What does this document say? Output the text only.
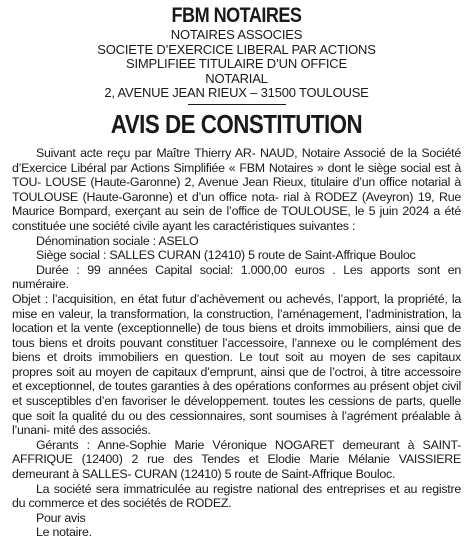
FBM NOTAIRES

NOTAIRES ASSOCIES

SOCIETE D’EXERCICE LIBERAL PAR ACTIONS

SIMPLIFIEE TITULAIRE D’UN OFFICE

NOTARIAL

2, AVENUE JEAN RIEUX – 31500 TOULOUSE

AVIS DE CONSTITUTION

Suivant acte reçu par Maître Thierry AR- NAUD, Notaire Associé de la Société d’Exercice Libéral par Actions Simplifiée « FBM Notaires » dont le siège social est à TOU- LOUSE (Haute-Garonne) 2, Avenue Jean Rieux, titulaire d’un office notarial à TOULOUSE (Haute-Garonne) et d’un office nota- rial à RODEZ (Aveyron) 19, Rue Maurice Bompard, exerçant au sein de l’office de TOULOUSE, le 5 juin 2024 a été constituée une société civile ayant les caractéristiques suivantes :

Dénomination sociale : ASELO

Siège social : SALLES CURAN (12410) 5 route de Saint-Affrique Bouloc

Durée : 99 années Capital social: 1.000,00 euros . Les apports sont en numéraire.

Objet : l’acquisition, en état futur d’achèvement ou achevés, l’apport, la propriété, la mise en valeur, la transformation, la construction, l’aménagement, l’administration, la location et la vente (exceptionnelle) de tous biens et droits immobiliers, ainsi que de tous biens et droits pouvant constituer l’accessoire, l’annexe ou le complément des biens et droits immobiliers en question. Le tout soit au moyen de ses capitaux propres soit au moyen de capitaux d’emprunt, ainsi que de l’octroi, à titre accessoire et exceptionnel, de toutes garanties à des opérations conformes au présent objet civil et susceptibles d’en favoriser le développement. toutes les cessions de parts, quelle que soit la qualité du ou des cessionnaires, sont soumises à l’agrément préalable à l’unani- mité des associés.

Gérants : Anne-Sophie Marie Véronique NOGARET demeurant à SAINT-AFFRIQUE (12400) 2 rue des Tendes et Elodie Marie Mélanie VAISSIERE demeurant à SALLES- CURAN (12410) 5 route de Saint-Affrique Bouloc.

La société sera immatriculée au registre national des entreprises et au registre du commerce et des sociétés de RODEZ.

Pour avis

Le notaire.
